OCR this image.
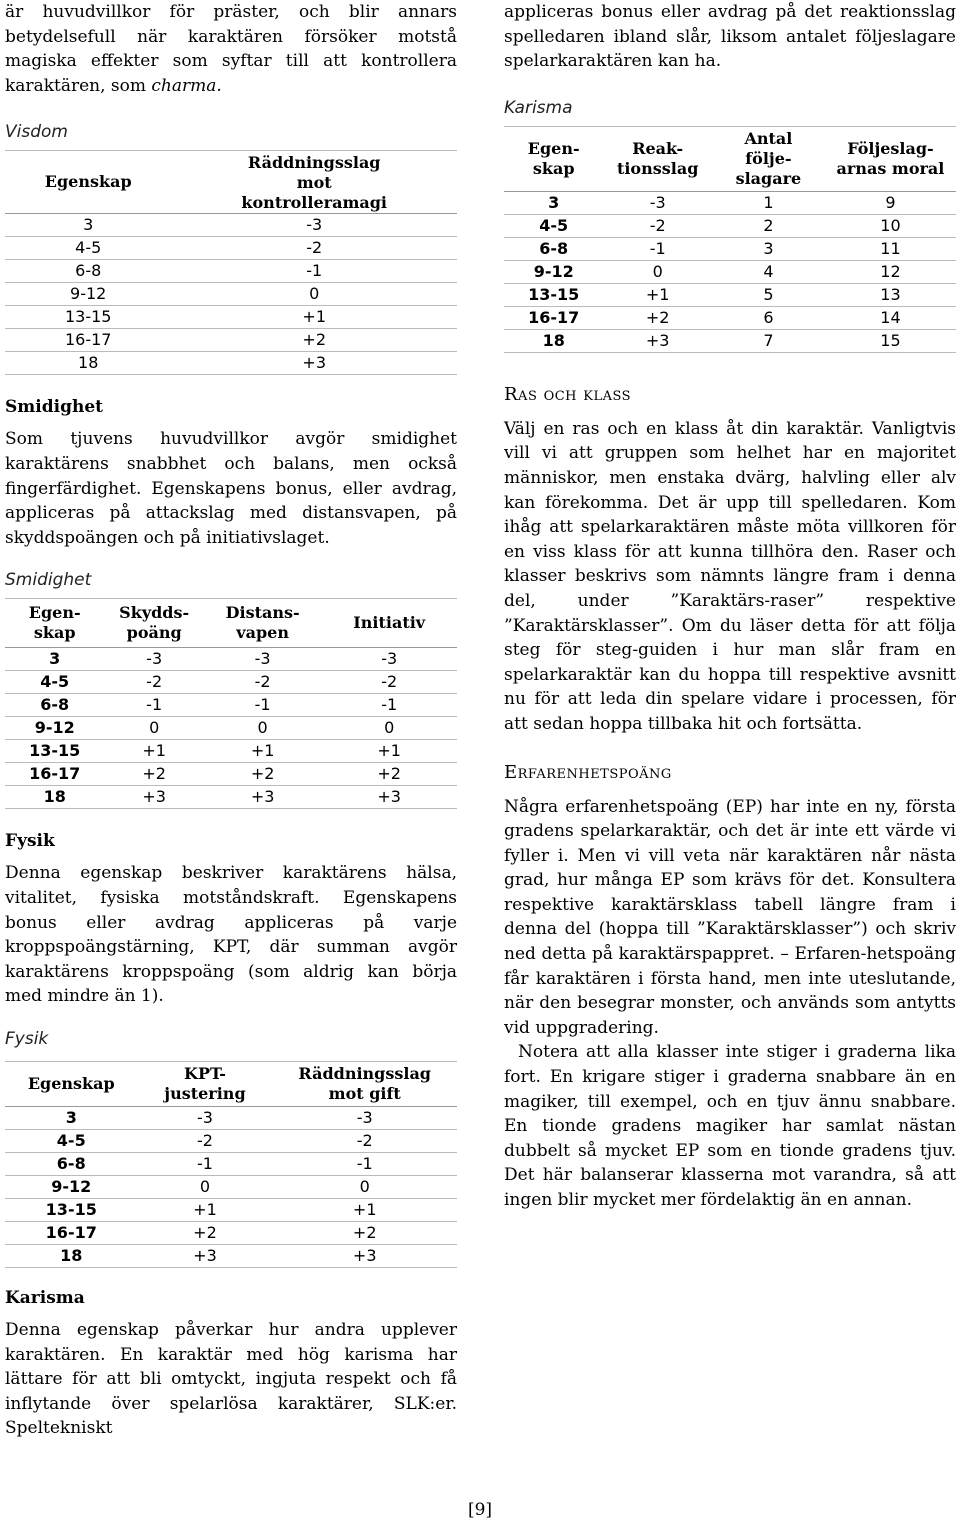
är huvudvillkor för präster, och blir annars betydelsefull när karaktären försöker motstå magiska effekter som syftar till att kontrollera karaktären, som charma.

Visdom
Egenskap	Räddningsslag mot kontrolleramagi
3	-3
4-5	-2
6-8	-1
9-12	0
13-15	+1
16-17	+2
18	+3
Smidighet

Som tjuvens huvudvillkor avgör smidighet karaktärens snabbhet och balans, men också fingerfärdighet. Egenskapens bonus, eller avdrag, appliceras på attackslag med distansvapen, på skyddspoängen och på initiativslaget.

Smidighet
Egen-skap	Skydds-poäng	Distans-vapen	Initiativ
3	-3	-3	-3
4-5	-2	-2	-2
6-8	-1	-1	-1
9-12	0	0	0
13-15	+1	+1	+1
16-17	+2	+2	+2
18	+3	+3	+3
Fysik

Denna egenskap beskriver karaktärens hälsa, vitalitet, fysiska motståndskraft. Egenskapens bonus eller avdrag appliceras på varje kroppspoängstärning, KPT, där summan avgör karaktärens kroppspoäng (som aldrig kan börja med mindre än 1).

Fysik
Egenskap	KPT-justering	Räddningsslag mot gift
3	-3	-3
4-5	-2	-2
6-8	-1	-1
9-12	0	0
13-15	+1	+1
16-17	+2	+2
18	+3	+3
Karisma

Denna egenskap påverkar hur andra upplever karaktären. En karaktär med hög karisma har lättare för att bli omtyckt, ingjuta respekt och få inflytande över spelarlösa karaktärer, SLK:er. Speltekniskt

appliceras bonus eller avdrag på det reaktionsslag spelledaren ibland slår, liksom antalet följeslagare spelarkaraktären kan ha.

Karisma
Egen-skap	Reak-tionsslag	Antal följe-slagare	Följeslag-arnas moral
3	-3	1	9
4-5	-2	2	10
6-8	-1	3	11
9-12	0	4	12
13-15	+1	5	13
16-17	+2	6	14
18	+3	7	15
Ras och klass

Välj en ras och en klass åt din karaktär. Vanligtvis vill vi att gruppen som helhet har en majoritet människor, men enstaka dvärg, halvling eller alv kan förekomma. Det är upp till spelledaren. Kom ihåg att spelarkaraktären måste möta villkoren för en viss klass för att kunna tillhöra den. Raser och klasser beskrivs som nämnts längre fram i denna del, under ”Karaktärs-raser” respektive ”Karaktärsklasser”. Om du läser detta för att följa steg för steg-guiden i hur man slår fram en spelarkaraktär kan du hoppa till respektive avsnitt nu för att leda din spelare vidare i processen, för att sedan hoppa tillbaka hit och fortsätta.

Erfarenhetspoäng

Några erfarenhetspoäng (EP) har inte en ny, första gradens spelarkaraktär, och det är inte ett värde vi fyller i. Men vi vill veta när karaktären når nästa grad, hur många EP som krävs för det. Konsultera respektive karaktärsklass tabell längre fram i denna del (hoppa till ”Karaktärsklasser”) och skriv ned detta på karaktärspappret. – Erfaren-hetspoäng får karaktären i första hand, men inte uteslutande, när den besegrar monster, och används som antytts vid uppgradering.

Notera att alla klasser inte stiger i graderna lika fort. En krigare stiger i graderna snabbare än en magiker, till exempel, och en tjuv ännu snabbare. En tionde gradens magiker har samlat nästan dubbelt så mycket EP som en tionde gradens tjuv. Det här balanserar klasserna mot varandra, så att ingen blir mycket mer fördelaktig än en annan.

[9]
